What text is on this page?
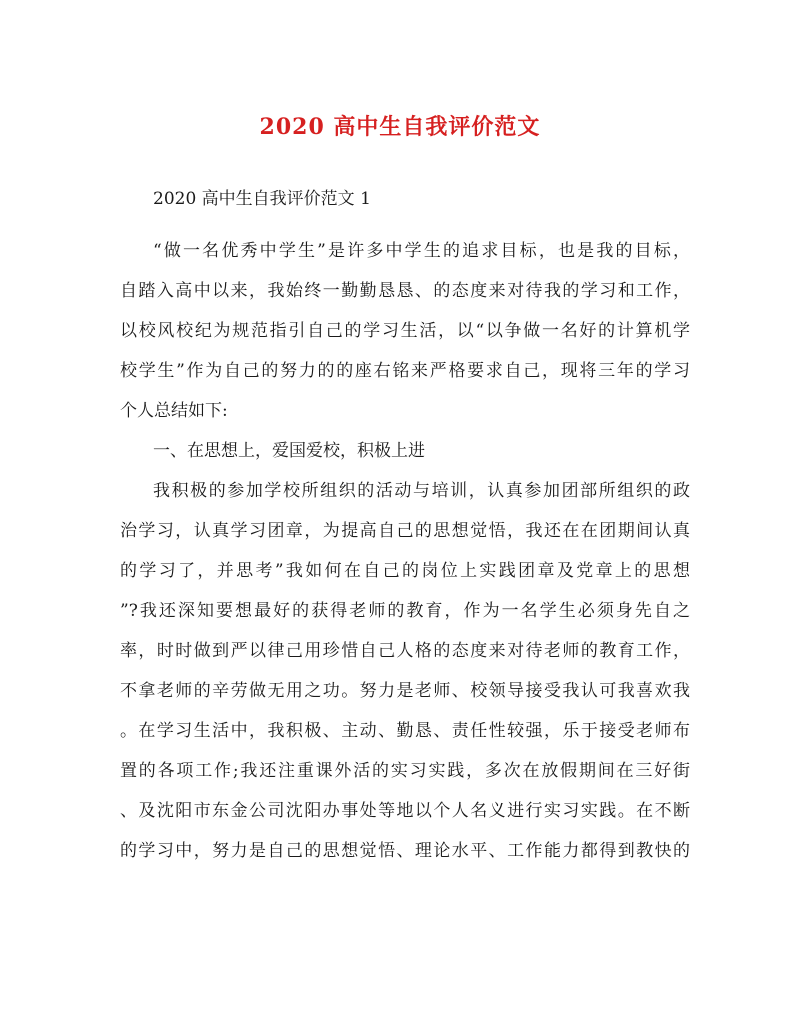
2020 高中生自我评价范文
2020 高中生自我评价范文 1
“做一名优秀中学生”是许多中学生的追求目标，也是我的目标，
自踏入高中以来，我始终一勤勤恳恳、的态度来对待我的学习和工作，
以校风校纪为规范指引自己的学习生活，以“以争做一名好的计算机学
校学生”作为自己的努力的的座右铭来严格要求自己，现将三年的学习
个人总结如下:
一、在思想上，爱国爱校，积极上进
我积极的参加学校所组织的活动与培训，认真参加团部所组织的政
治学习，认真学习团章，为提高自己的思想觉悟，我还在在团期间认真
的学习了，并思考”我如何在自己的岗位上实践团章及党章上的思想
”?我还深知要想最好的获得老师的教育，作为一名学生必须身先自之
率，时时做到严以律己用珍惜自己人格的态度来对待老师的教育工作，
不拿老师的辛劳做无用之功。努力是老师、校领导接受我认可我喜欢我
。在学习生活中，我积极、主动、勤恳、责任性较强，乐于接受老师布
置的各项工作;我还注重课外活的实习实践，多次在放假期间在三好街
、及沈阳市东金公司沈阳办事处等地以个人名义进行实习实践。在不断
的学习中，努力是自己的思想觉悟、理论水平、工作能力都得到教快的
